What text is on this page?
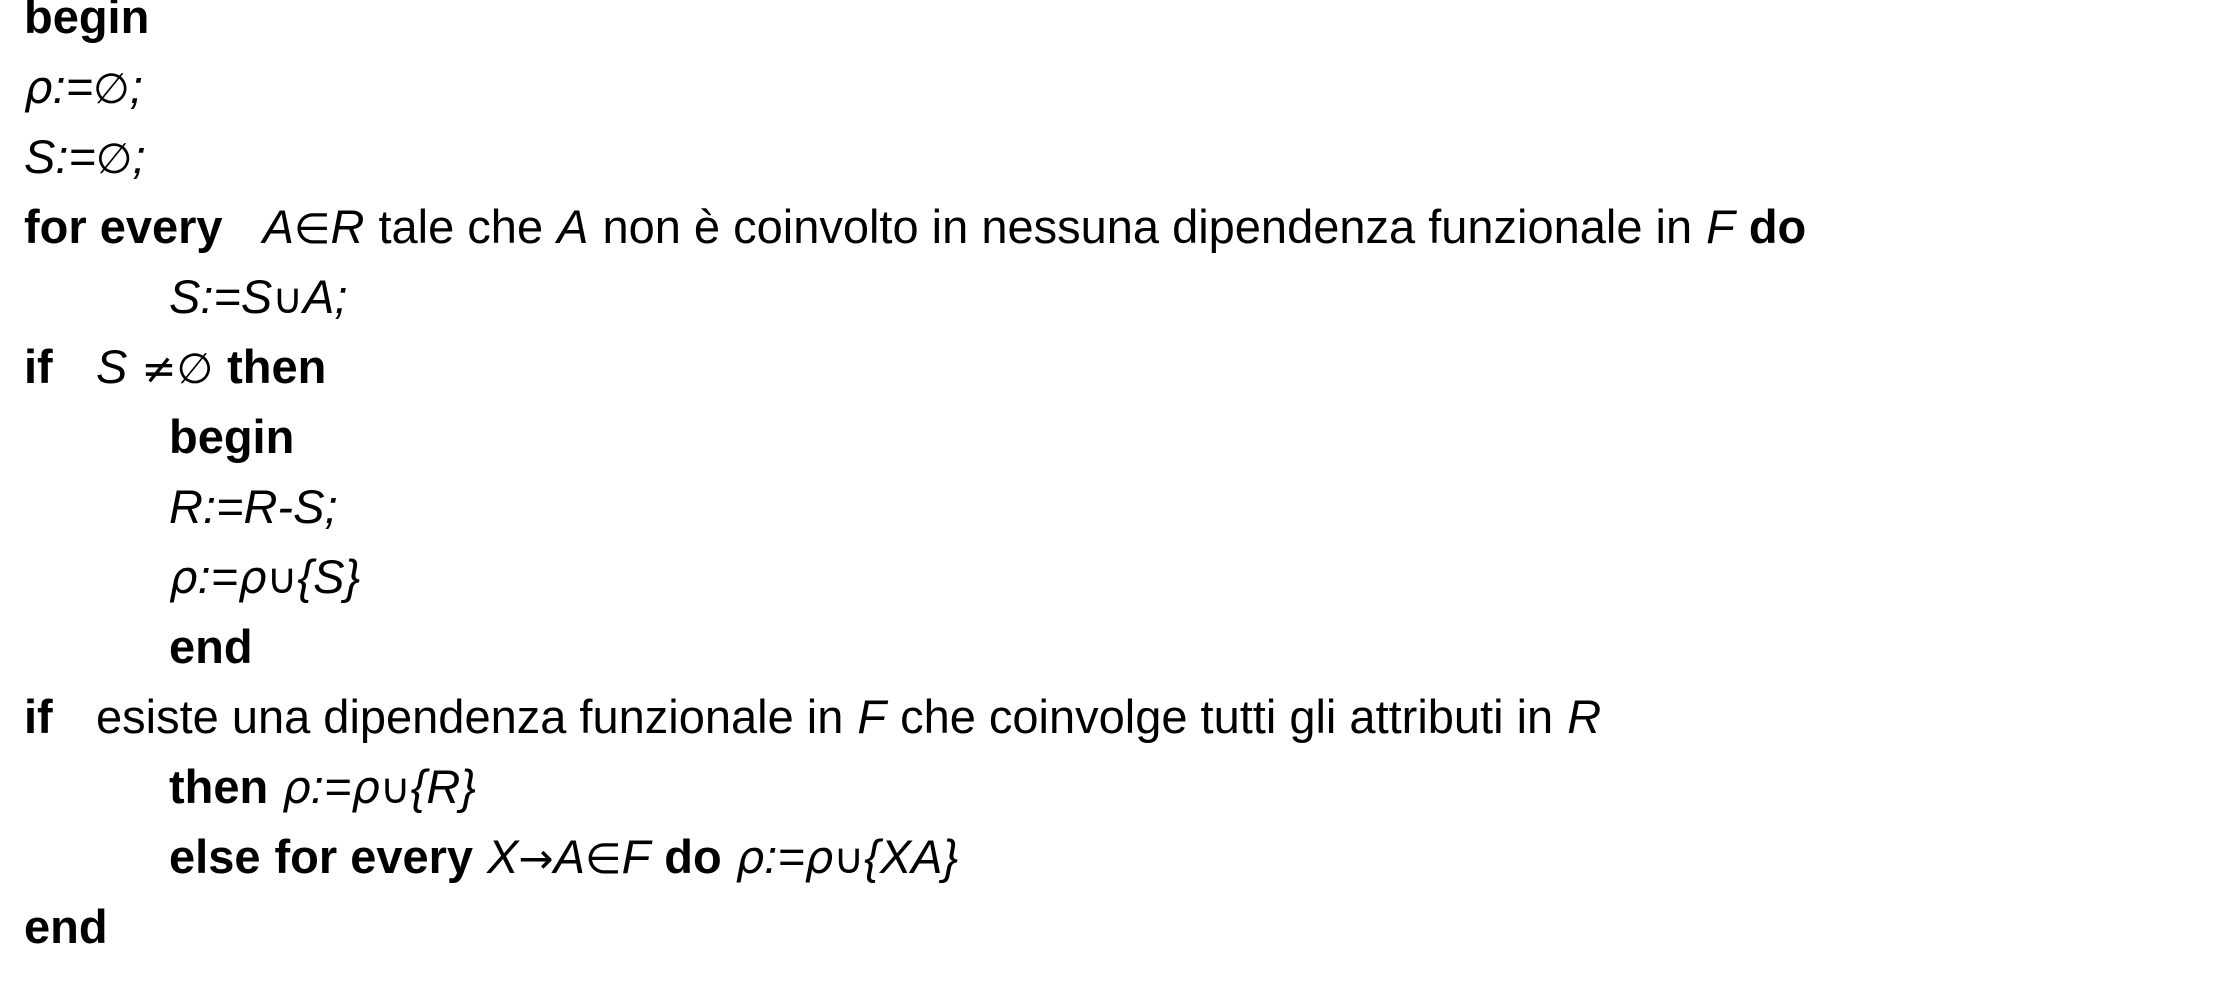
begin
ρ:=∅;
S:=∅;
for every A∈R tale che A non è coinvolto in nessuna dipendenza funzionale in F do
S:=S∪A;
if S ≠∅ then
begin
R:=R-S;
ρ:=ρ∪{S}
end
if esiste una dipendenza funzionale in F che coinvolge tutti gli attributi in R
then ρ:=ρ∪{R}
else for every X→A∈F do ρ:=ρ∪{XA}
end
